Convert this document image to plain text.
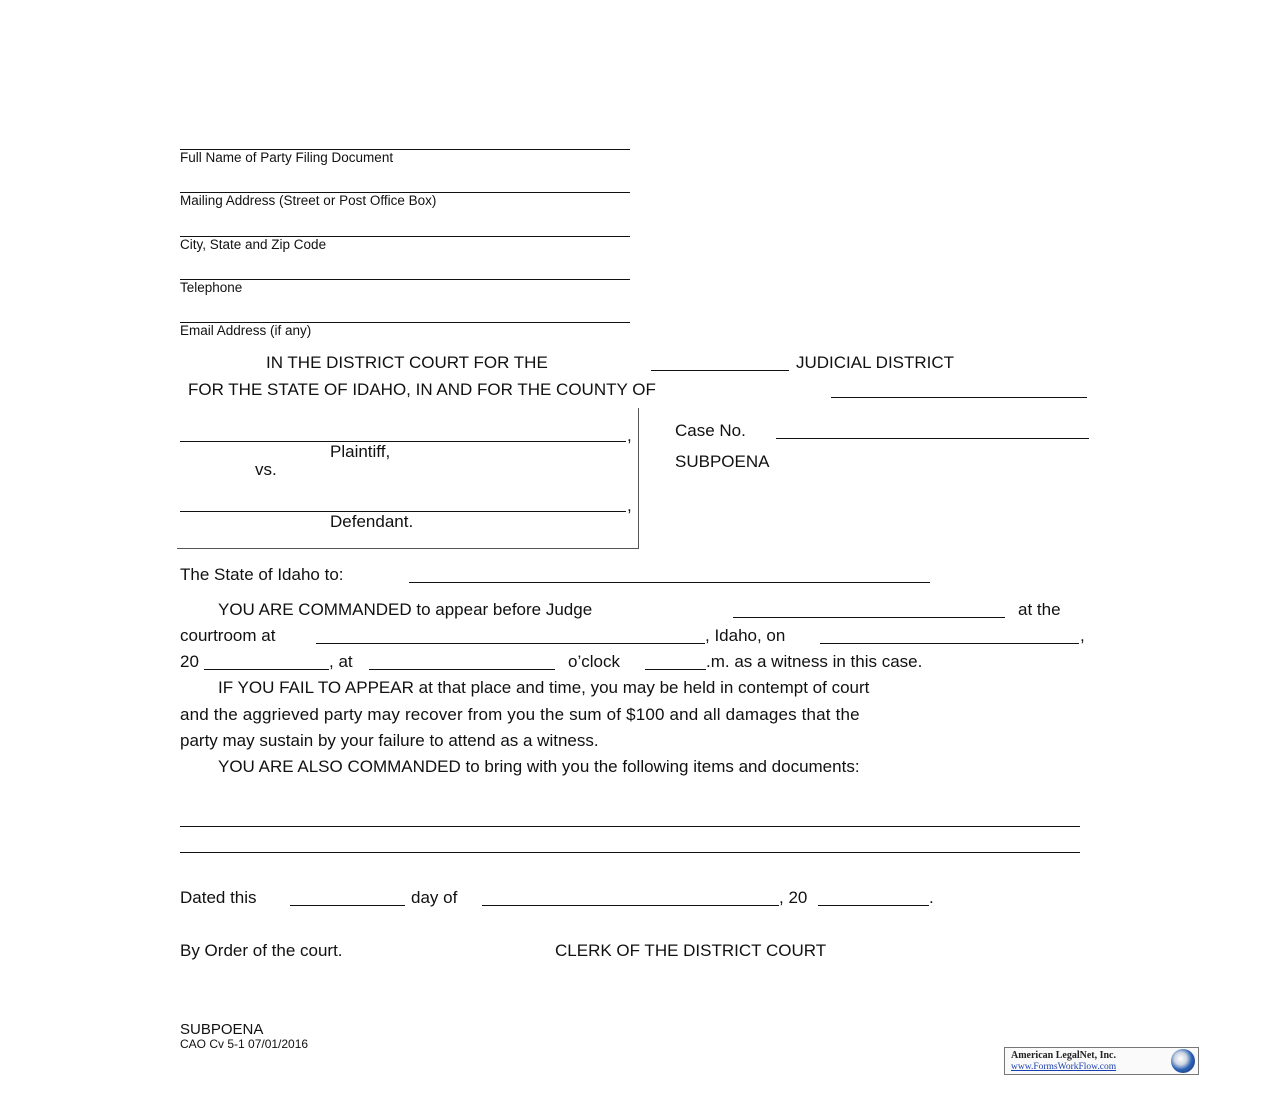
Full Name of Party Filing Document
Mailing Address (Street or Post Office Box)
City, State and Zip Code
Telephone
Email Address (if any)
IN THE DISTRICT COURT FOR THE	JUDICIAL DISTRICT
FOR THE STATE OF IDAHO, IN AND FOR THE COUNTY OF
,
Plaintiff,
vs.
,
Defendant.
Case No.
SUBPOENA
The State of Idaho to:
YOU ARE COMMANDED to appear before Judge	at the
courtroom at	, Idaho, on	,
20	, at	o’clock	.m. as a witness in this case.
IF YOU FAIL TO APPEAR at that place and time, you may be held in contempt of court
and the aggrieved party may recover from you the sum of $100 and all damages that the
party may sustain by your failure to attend as a witness.
YOU ARE ALSO COMMANDED to bring with you the following items and documents:
Dated this	day of	, 20	.
By Order of the court.	CLERK OF THE DISTRICT COURT
SUBPOENA
CAO Cv 5-1 07/01/2016
American LegalNet, Inc.
www.FormsWorkFlow.com
